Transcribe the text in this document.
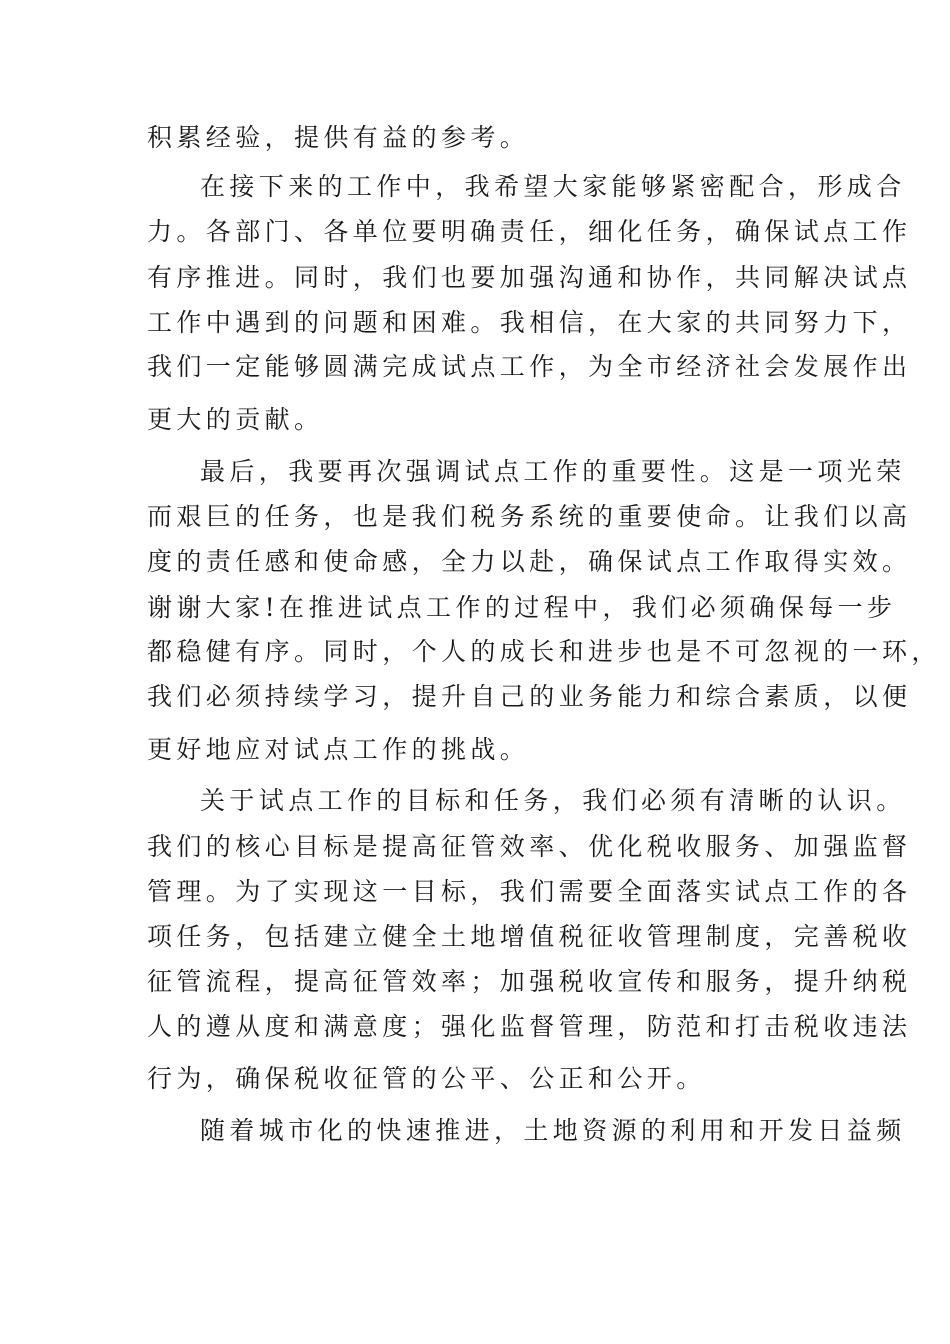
积累经验，提供有益的参考。
在接下来的工作中，我希望大家能够紧密配合，形成合
力。各部门、各单位要明确责任，细化任务，确保试点工作
有序推进。同时，我们也要加强沟通和协作，共同解决试点
工作中遇到的问题和困难。我相信，在大家的共同努力下，
我们一定能够圆满完成试点工作，为全市经济社会发展作出
更大的贡献。
最后，我要再次强调试点工作的重要性。这是一项光荣
而艰巨的任务，也是我们税务系统的重要使命。让我们以高
度的责任感和使命感，全力以赴，确保试点工作取得实效。
谢谢大家!在推进试点工作的过程中，我们必须确保每一步
都稳健有序。同时，个人的成长和进步也是不可忽视的一环，
我们必须持续学习，提升自己的业务能力和综合素质，以便
更好地应对试点工作的挑战。
关于试点工作的目标和任务，我们必须有清晰的认识。
我们的核心目标是提高征管效率、优化税收服务、加强监督
管理。为了实现这一目标，我们需要全面落实试点工作的各
项任务，包括建立健全土地增值税征收管理制度，完善税收
征管流程，提高征管效率；加强税收宣传和服务，提升纳税
人的遵从度和满意度；强化监督管理，防范和打击税收违法
行为，确保税收征管的公平、公正和公开。
随着城市化的快速推进，土地资源的利用和开发日益频
